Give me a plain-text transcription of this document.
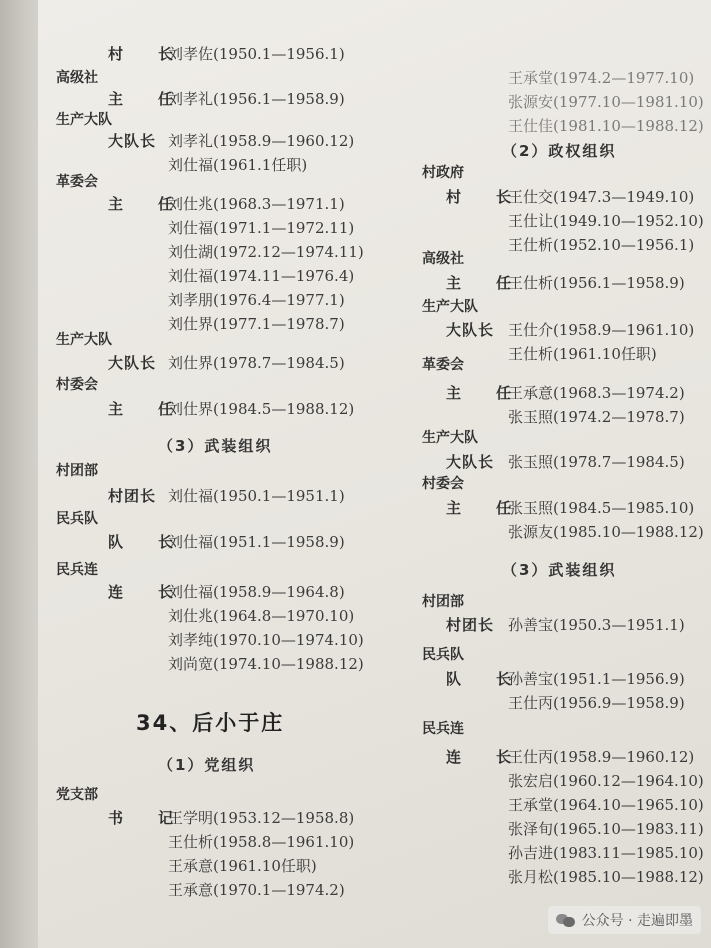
村　长
刘孝佐(1950.1—1956.1)
高级社
主　任
刘孝礼(1956.1—1958.9)
生产大队
大队长 刘孝礼(1958.9—1960.12)
刘仕福(1961.1任职)
革委会
主　任
刘仕兆(1968.3—1971.1)
刘仕福(1971.1—1972.11)
刘仕湖(1972.12—1974.11)
刘仕福(1974.11—1976.4)
刘孝朋(1976.4—1977.1)
刘仕界(1977.1—1978.7)
生产大队
大队长 刘仕界(1978.7—1984.5)
村委会
主　任
刘仕界(1984.5—1988.12)
（3）武装组织
村团部
村团长 刘仕福(1950.1—1951.1)
民兵队
队　长
刘仕福(1951.1—1958.9)
民兵连
连　长
刘仕福(1958.9—1964.8)
刘仕兆(1964.8—1970.10)
刘孝纯(1970.10—1974.10)
刘尚宽(1974.10—1988.12)
34、后小于庄
（1）党组织
党支部
书　记
王学明(1953.12—1958.8)
王仕析(1958.8—1961.10)
王承意(1961.10任职)
王承意(1970.1—1974.2)
王承堂(1974.2—1977.10)
张源安(1977.10—1981.10)
王仕佳(1981.10—1988.12)
（2）政权组织
村政府
村　长
王仕交(1947.3—1949.10)
王仕让(1949.10—1952.10)
王仕析(1952.10—1956.1)
高级社
主　任
王仕析(1956.1—1958.9)
生产大队
大队长 王仕介(1958.9—1961.10)
王仕析(1961.10任职)
革委会
主　任
王承意(1968.3—1974.2)
张玉照(1974.2—1978.7)
生产大队
大队长 张玉照(1978.7—1984.5)
村委会
主　任
张玉照(1984.5—1985.10)
张源友(1985.10—1988.12)
（3）武装组织
村团部
村团长 孙善宝(1950.3—1951.1)
民兵队
队　长
孙善宝(1951.1—1956.9)
王仕丙(1956.9—1958.9)
民兵连
连　长
王仕丙(1958.9—1960.12)
张宏启(1960.12—1964.10)
王承堂(1964.10—1965.10)
张泽旬(1965.10—1983.11)
孙吉进(1983.11—1985.10)
张月松(1985.10—1988.12)
公众号 · 走遍即墨
